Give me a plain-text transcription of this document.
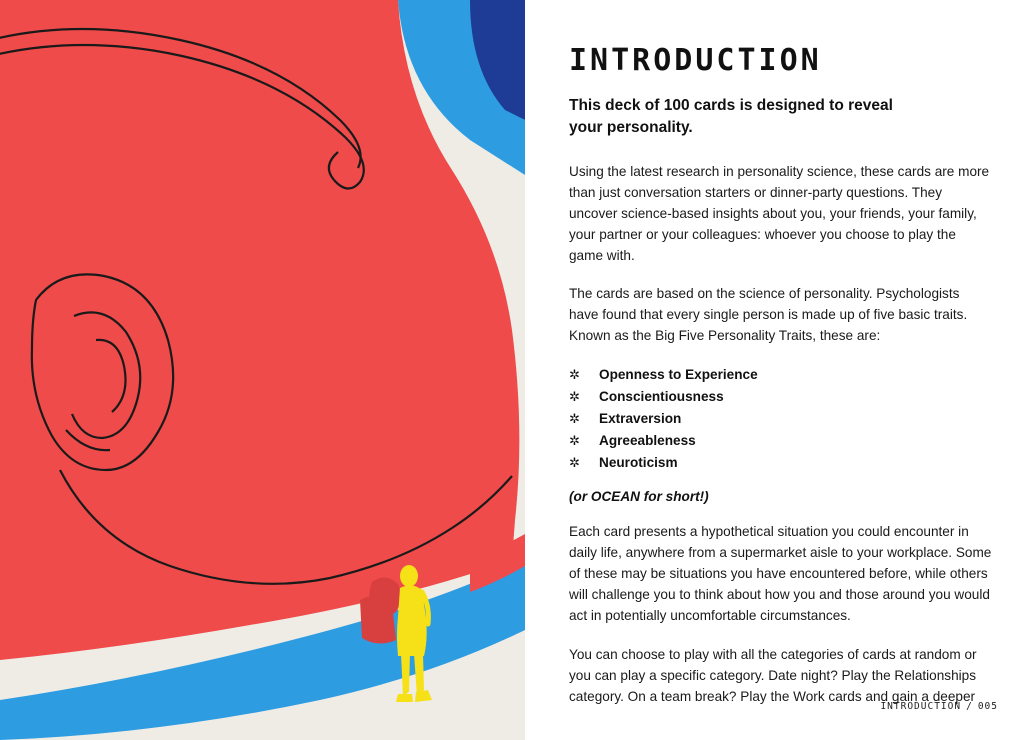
INTRODUCTION
This deck of 100 cards is designed to reveal your personality.

Using the latest research in personality science, these cards are more than just conversation starters or dinner-party questions. They uncover science-based insights about you, your friends, your family, your partner or your colleagues: whoever you choose to play the game with.

The cards are based on the science of personality. Psychologists have found that every single person is made up of five basic traits. Known as the Big Five Personality Traits, these are:

✲	Openness to Experience
✲	Conscientiousness
✲	Extraversion
✲	Agreeableness
✲	Neuroticism
(or OCEAN for short!)

Each card presents a hypothetical situation you could encounter in daily life, anywhere from a supermarket aisle to your workplace. Some of these may be situations you have encountered before, while others will challenge you to think about how you and those around you would act in potentially uncomfortable circumstances.

You can choose to play with all the categories of cards at random or you can play a specific category. Date night? Play the Relationships category. On a team break? Play the Work cards and gain a deeper

INTRODUCTION / 005
